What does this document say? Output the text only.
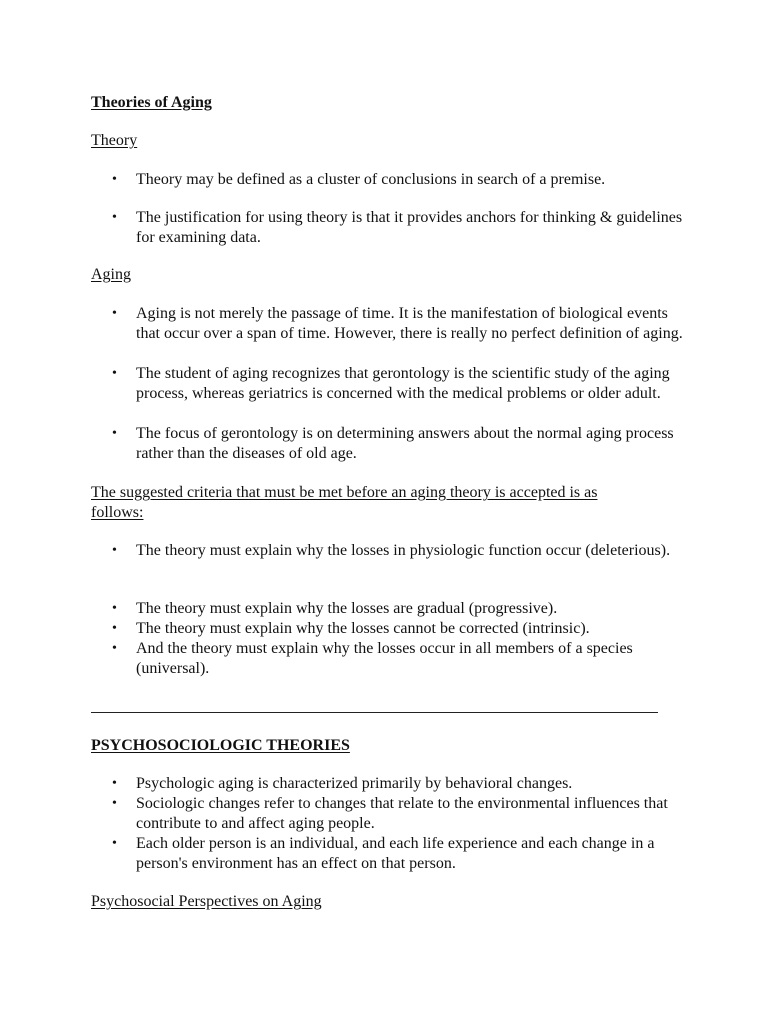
Theories of Aging
Theory
•	Theory may be defined as a cluster of conclusions in search of a premise.
•	The justification for using theory is that it provides anchors for thinking & guidelines for examining data.
Aging
•	Aging is not merely the passage of time. It is the manifestation of biological events that occur over a span of time. However, there is really no perfect definition of aging.
•	The student of aging recognizes that gerontology is the scientific study of the aging process, whereas geriatrics is concerned with the medical problems or older adult.
•	The focus of gerontology is on determining answers about the normal aging process rather than the diseases of old age.
The suggested criteria that must be met before an aging theory is accepted is as follows:
•	The theory must explain why the losses in physiologic function occur (deleterious).
•	The theory must explain why the losses are gradual (progressive).
•	The theory must explain why the losses cannot be corrected (intrinsic).
•	And the theory must explain why the losses occur in all members of a species (universal).
PSYCHOSOCIOLOGIC THEORIES
•	Psychologic aging is characterized primarily by behavioral changes.
•	Sociologic changes refer to changes that relate to the environmental influences that contribute to and affect aging people.
•	Each older person is an individual, and each life experience and each change in a person's environment has an effect on that person.
Psychosocial Perspectives on Aging
